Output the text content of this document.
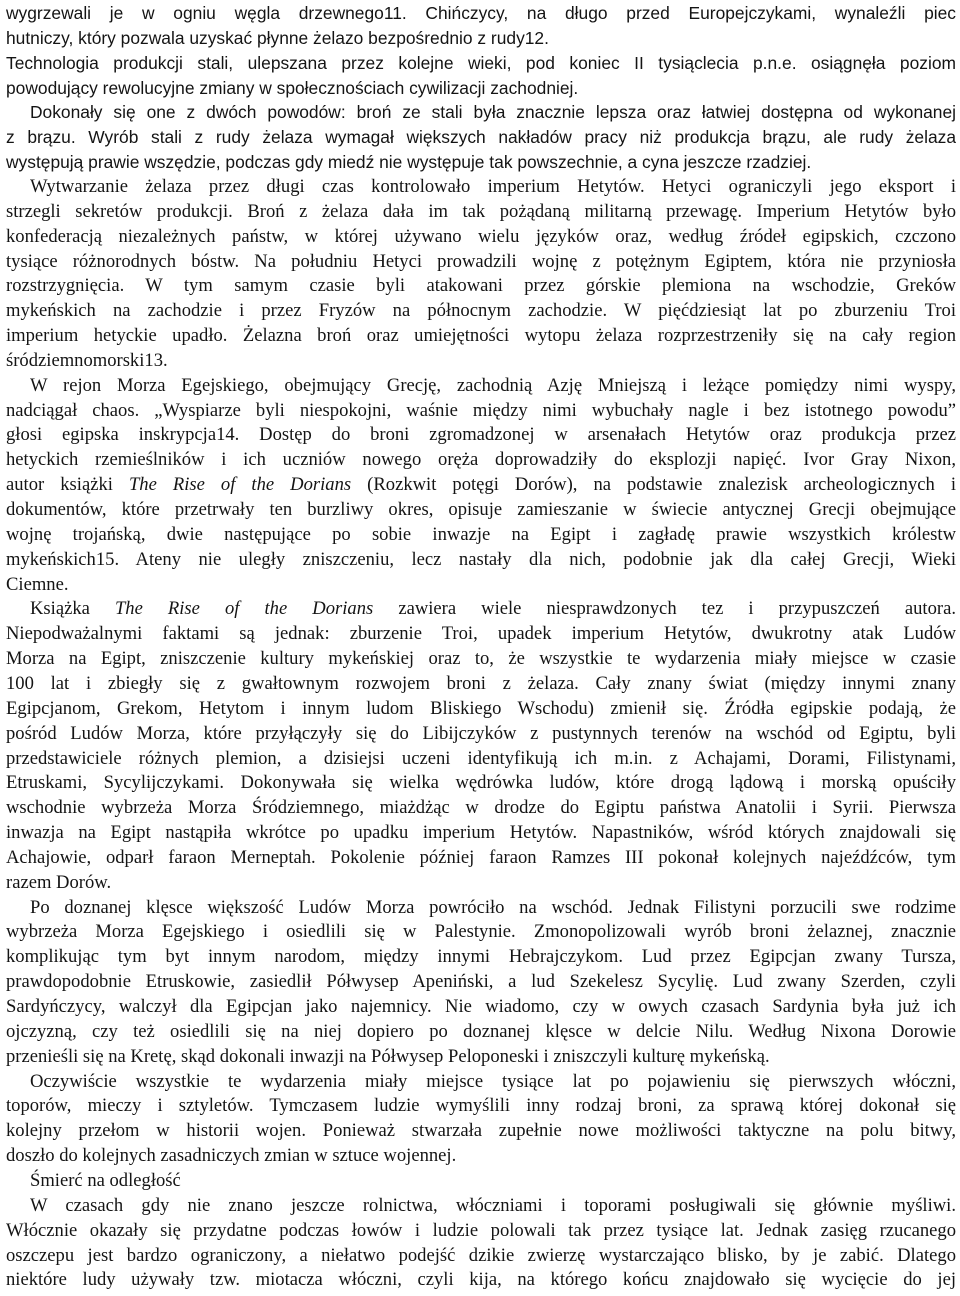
wygrzewali je w ogniu węgla drzewnego11. Chińczycy, na długo przed Europejczykami, wynaleźli piec
hutniczy, który pozwala uzyskać płynne żelazo bezpośrednio z rudy12.
Technologia produkcji stali, ulepszana przez kolejne wieki, pod koniec II tysiąclecia p.n.e. osiągnęła poziom
powodujący rewolucyjne zmiany w społecznościach cywilizacji zachodniej.
Dokonały się one z dwóch powodów: broń ze stali była znacznie lepsza oraz łatwiej dostępna od wykonanej
z brązu. Wyrób stali z rudy żelaza wymagał większych nakładów pracy niż produkcja brązu, ale rudy żelaza
występują prawie wszędzie, podczas gdy miedź nie występuje tak powszechnie, a cyna jeszcze rzadziej.
Wytwarzanie żelaza przez długi czas kontrolowało imperium Hetytów. Hetyci ograniczyli jego eksport i
strzegli sekretów produkcji. Broń z żelaza dała im tak pożądaną militarną przewagę. Imperium Hetytów było
konfederacją niezależnych państw, w której używano wielu języków oraz, według źródeł egipskich, czczono
tysiące różnorodnych bóstw. Na południu Hetyci prowadzili wojnę z potężnym Egiptem, która nie przyniosła
rozstrzygnięcia. W tym samym czasie byli atakowani przez górskie plemiona na wschodzie, Greków
mykeńskich na zachodzie i przez Fryzów na północnym zachodzie. W pięćdziesiąt lat po zburzeniu Troi
imperium hetyckie upadło. Żelazna broń oraz umiejętności wytopu żelaza rozprzestrzeniły się na cały region
śródziemnomorski13.
W rejon Morza Egejskiego, obejmujący Grecję, zachodnią Azję Mniejszą i leżące pomiędzy nimi wyspy,
nadciągał chaos. „Wyspiarze byli niespokojni, waśnie między nimi wybuchały nagle i bez istotnego powodu”
głosi egipska inskrypcja14. Dostęp do broni zgromadzonej w arsenałach Hetytów oraz produkcja przez
hetyckich rzemieślników i ich uczniów nowego oręża doprowadziły do eksplozji napięć. Ivor Gray Nixon,
autor książki The Rise of the Dorians (Rozkwit potęgi Dorów), na podstawie znalezisk archeologicznych i
dokumentów, które przetrwały ten burzliwy okres, opisuje zamieszanie w świecie antycznej Grecji obejmujące
wojnę trojańską, dwie następujące po sobie inwazje na Egipt i zagładę prawie wszystkich królestw
mykeńskich15. Ateny nie uległy zniszczeniu, lecz nastały dla nich, podobnie jak dla całej Grecji, Wieki
Ciemne.
Książka The Rise of the Dorians zawiera wiele niesprawdzonych tez i przypuszczeń autora.
Niepodważalnymi faktami są jednak: zburzenie Troi, upadek imperium Hetytów, dwukrotny atak Ludów
Morza na Egipt, zniszczenie kultury mykeńskiej oraz to, że wszystkie te wydarzenia miały miejsce w czasie
100 lat i zbiegły się z gwałtownym rozwojem broni z żelaza. Cały znany świat (między innymi znany
Egipcjanom, Grekom, Hetytom i innym ludom Bliskiego Wschodu) zmienił się. Źródła egipskie podają, że
pośród Ludów Morza, które przyłączyły się do Libijczyków z pustynnych terenów na wschód od Egiptu, byli
przedstawiciele różnych plemion, a dzisiejsi uczeni identyfikują ich m.in. z Achajami, Dorami, Filistynami,
Etruskami, Sycylijczykami. Dokonywała się wielka wędrówka ludów, które drogą lądową i morską opuściły
wschodnie wybrzeża Morza Śródziemnego, miażdżąc w drodze do Egiptu państwa Anatolii i Syrii. Pierwsza
inwazja na Egipt nastąpiła wkrótce po upadku imperium Hetytów. Napastników, wśród których znajdowali się
Achajowie, odparł faraon Merneptah. Pokolenie później faraon Ramzes III pokonał kolejnych najeźdźców, tym
razem Dorów.
Po doznanej klęsce większość Ludów Morza powróciło na wschód. Jednak Filistyni porzucili swe rodzime
wybrzeża Morza Egejskiego i osiedlili się w Palestynie. Zmonopolizowali wyrób broni żelaznej, znacznie
komplikując tym byt innym narodom, między innymi Hebrajczykom. Lud przez Egipcjan zwany Tursza,
prawdopodobnie Etruskowie, zasiedlił Półwysep Apeniński, a lud Szekelesz Sycylię. Lud zwany Szerden, czyli
Sardyńczycy, walczył dla Egipcjan jako najemnicy. Nie wiadomo, czy w owych czasach Sardynia była już ich
ojczyzną, czy też osiedlili się na niej dopiero po doznanej klęsce w delcie Nilu. Według Nixona Dorowie
przenieśli się na Kretę, skąd dokonali inwazji na Półwysep Peloponeski i zniszczyli kulturę mykeńską.
Oczywiście wszystkie te wydarzenia miały miejsce tysiące lat po pojawieniu się pierwszych włóczni,
toporów, mieczy i sztyletów. Tymczasem ludzie wymyślili inny rodzaj broni, za sprawą której dokonał się
kolejny przełom w historii wojen. Ponieważ stwarzała zupełnie nowe możliwości taktyczne na polu bitwy,
doszło do kolejnych zasadniczych zmian w sztuce wojennej.
Śmierć na odległość
W czasach gdy nie znano jeszcze rolnictwa, włóczniami i toporami posługiwali się głównie myśliwi.
Włócznie okazały się przydatne podczas łowów i ludzie polowali tak przez tysiące lat. Jednak zasięg rzucanego
oszczepu jest bardzo ograniczony, a niełatwo podejść dzikie zwierzę wystarczająco blisko, by je zabić. Dlatego
niektóre ludy używały tzw. miotacza włóczni, czyli kija, na którego końcu znajdowało się wycięcie do jej
